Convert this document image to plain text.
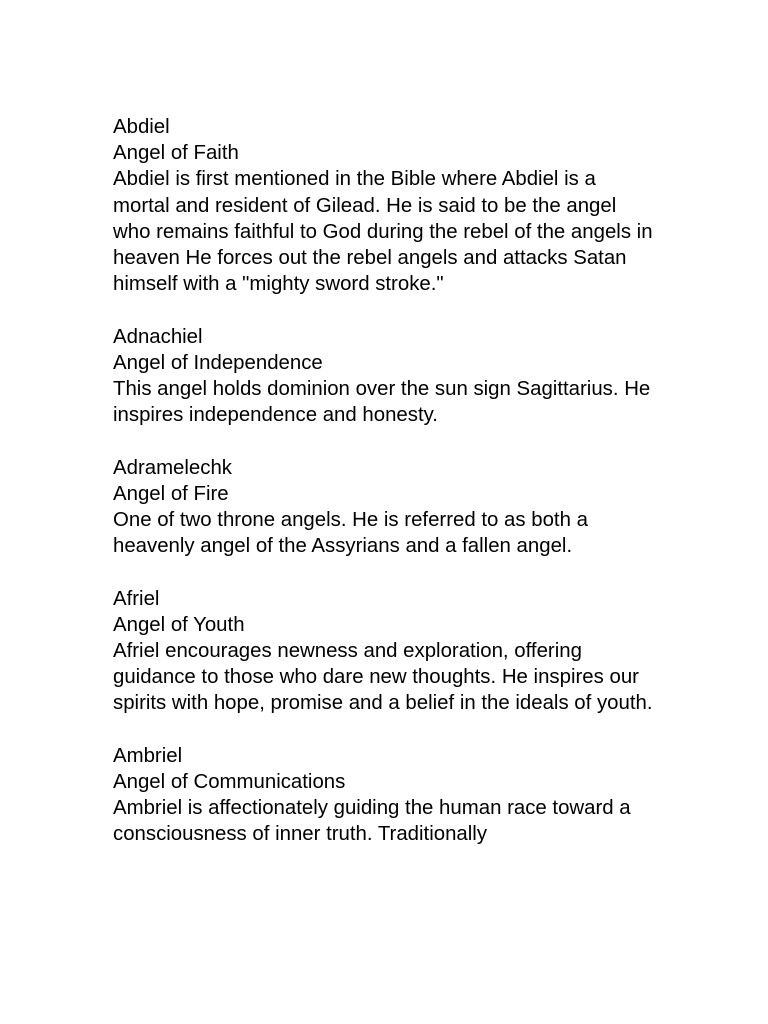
Abdiel
Angel of Faith
Abdiel is first mentioned in the Bible where Abdiel is a mortal and resident of Gilead. He is said to be the angel who remains faithful to God during the rebel of the angels in heaven He forces out the rebel angels and attacks Satan himself with a "mighty sword stroke."
Adnachiel
Angel of Independence
This angel holds dominion over the sun sign Sagittarius. He inspires independence and honesty.
Adramelechk
Angel of Fire
One of two throne angels. He is referred to as both a heavenly angel of the Assyrians and a fallen angel.
Afriel
Angel of Youth
Afriel encourages newness and exploration, offering guidance to those who dare new thoughts. He inspires our spirits with hope, promise and a belief in the ideals of youth.
Ambriel
Angel of Communications
Ambriel is affectionately guiding the human race toward a consciousness of inner truth. Traditionally
